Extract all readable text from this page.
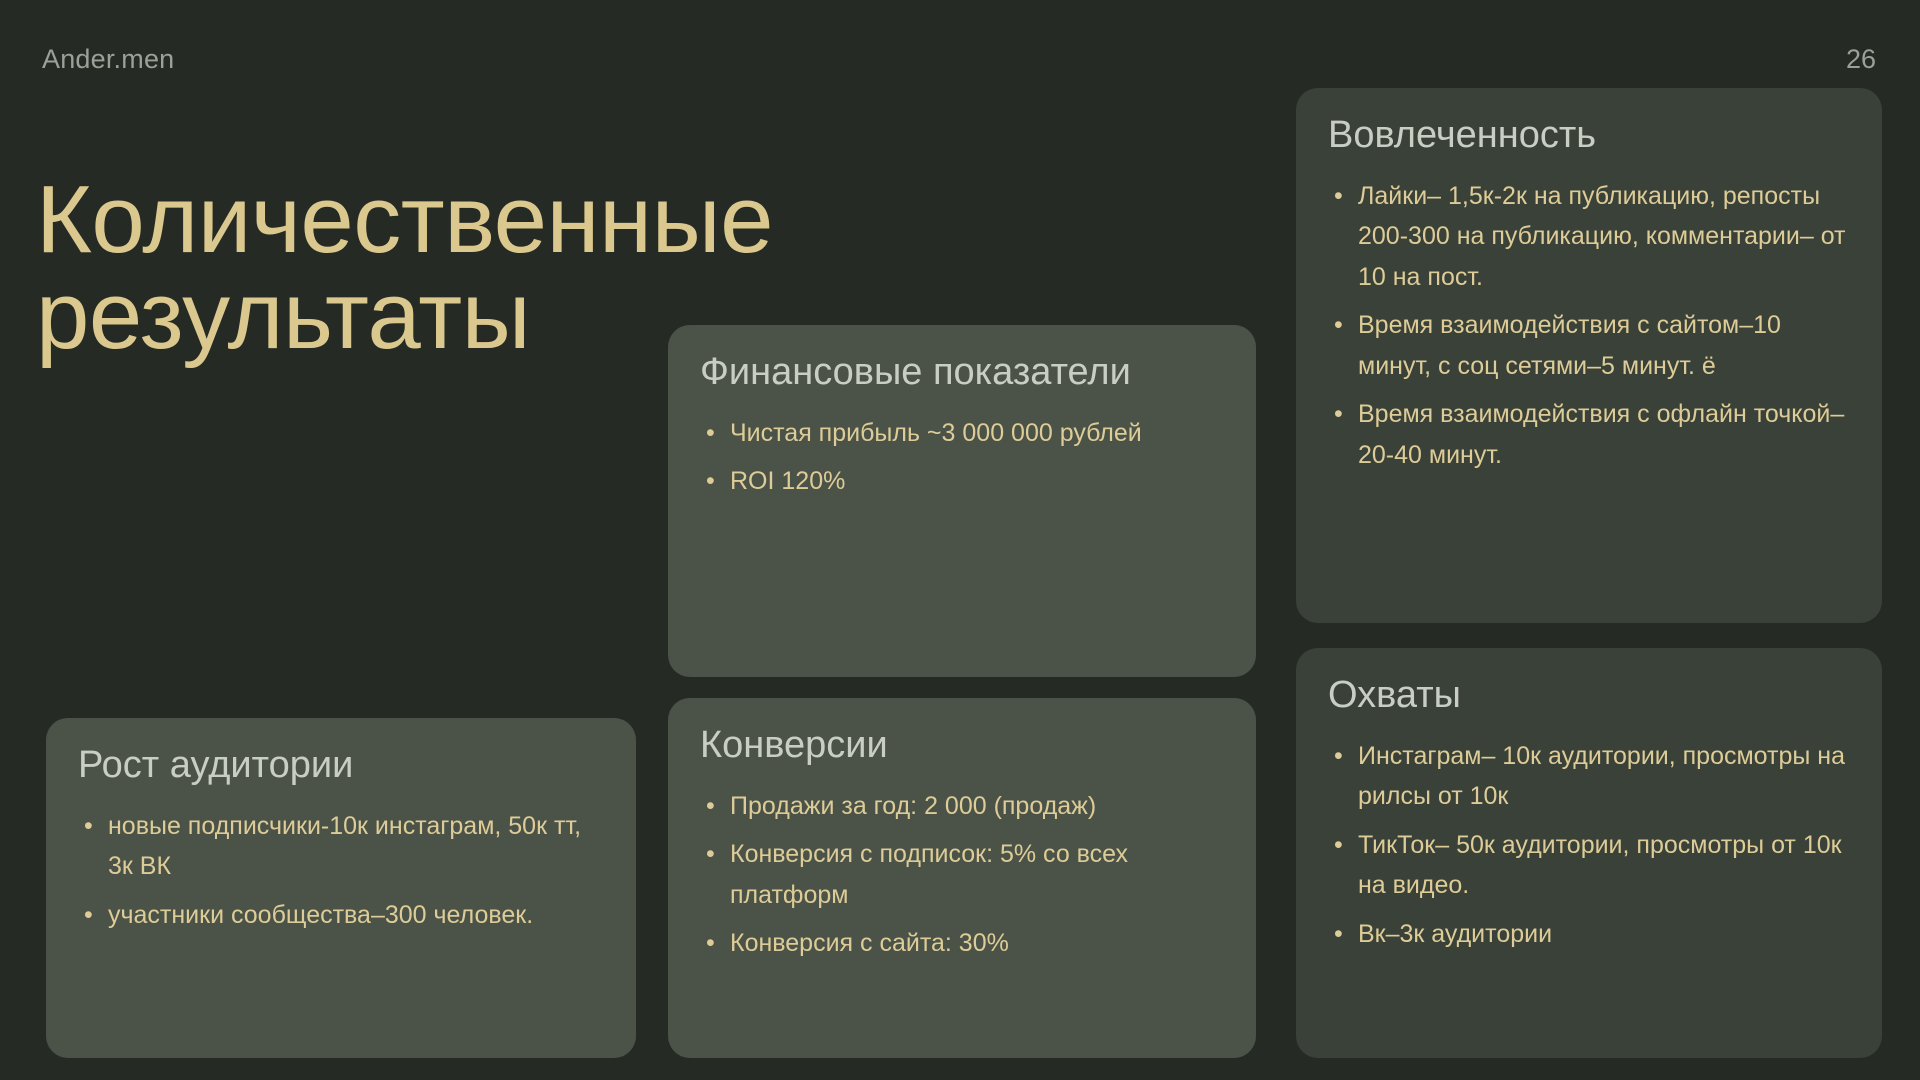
Ander.men	26
Количественные результаты
Вовлеченность
• Лайки– 1,5к-2к на публикацию, репосты 200-300 на публикацию, комментарии– от 10 на пост.
• Время взаимодействия с сайтом–10 минут, с соц сетями–5 минут. ё
• Время взаимодействия с офлайн точкой– 20-40 минут.
Финансовые показатели
• Чистая прибыль ~3 000 000 рублей
• ROI 120%
Охваты
• Инстаграм– 10к аудитории, просмотры на рилсы от 10к
• ТикТок– 50к аудитории, просмотры от 10к на видео.
• Вк–3к аудитории
Рост аудитории
• новые подписчики-10к инстаграм, 50к тт, 3к ВК
• участники сообщества–300 человек.
Конверсии
• Продажи за год: 2 000 (продаж)
• Конверсия с подписок: 5% со всех платформ
• Конверсия с сайта: 30%
